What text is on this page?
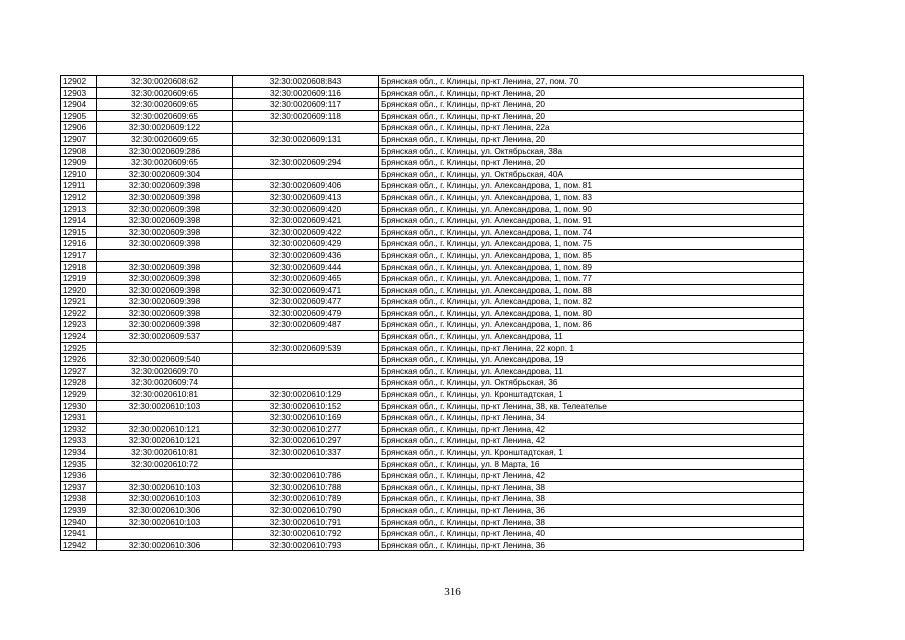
12902	32:30:0020608:62	32:30:0020608:843	Брянская обл., г. Клинцы, пр-кт Ленина, 27, пом. 70
12903	32:30:0020609:65	32:30:0020609:116	Брянская обл., г. Клинцы, пр-кт Ленина, 20
12904	32:30:0020609:65	32:30:0020609:117	Брянская обл., г. Клинцы, пр-кт Ленина, 20
12905	32:30:0020609:65	32:30:0020609:118	Брянская обл., г. Клинцы, пр-кт Ленина, 20
12906	32:30:0020609:122		Брянская обл., г. Клинцы, пр-кт Ленина, 22а
12907	32:30:0020609:65	32:30:0020609:131	Брянская обл., г. Клинцы, пр-кт Ленина, 20
12908	32:30:0020609:286		Брянская обл., г. Клинцы, ул. Октябрьская, 38а
12909	32:30:0020609:65	32:30:0020609:294	Брянская обл., г. Клинцы, пр-кт Ленина, 20
12910	32:30:0020609:304		Брянская обл., г. Клинцы, ул. Октябрьская, 40А
12911	32:30:0020609:398	32:30:0020609:406	Брянская обл., г. Клинцы, ул. Александрова, 1, пом. 81
12912	32:30:0020609:398	32:30:0020609:413	Брянская обл., г. Клинцы, ул. Александрова, 1, пом. 83
12913	32:30:0020609:398	32:30:0020609:420	Брянская обл., г. Клинцы, ул. Александрова, 1, пом. 90
12914	32:30:0020609:398	32:30:0020609:421	Брянская обл., г. Клинцы, ул. Александрова, 1, пом. 91
12915	32:30:0020609:398	32:30:0020609:422	Брянская обл., г. Клинцы, ул. Александрова, 1, пом. 74
12916	32:30:0020609:398	32:30:0020609:429	Брянская обл., г. Клинцы, ул. Александрова, 1, пом. 75
12917		32:30:0020609:436	Брянская обл., г. Клинцы, ул. Александрова, 1, пом. 85
12918	32:30:0020609:398	32:30:0020609:444	Брянская обл., г. Клинцы, ул. Александрова, 1, пом. 89
12919	32:30:0020609:398	32:30:0020609:465	Брянская обл., г. Клинцы, ул. Александрова, 1, пом. 77
12920	32:30:0020609:398	32:30:0020609:471	Брянская обл., г. Клинцы, ул. Александрова, 1, пом. 88
12921	32:30:0020609:398	32:30:0020609:477	Брянская обл., г. Клинцы, ул. Александрова, 1, пом. 82
12922	32:30:0020609:398	32:30:0020609:479	Брянская обл., г. Клинцы, ул. Александрова, 1, пом. 80
12923	32:30:0020609:398	32:30:0020609:487	Брянская обл., г. Клинцы, ул. Александрова, 1, пом. 86
12924	32:30:0020609:537		Брянская обл., г. Клинцы, ул. Александрова, 11
12925		32:30:0020609:539	Брянская обл., г. Клинцы, пр-кт Ленина, 22 корп. 1
12926	32:30:0020609:540		Брянская обл., г. Клинцы, ул. Александрова, 19
12927	32:30:0020609:70		Брянская обл., г. Клинцы, ул. Александрова, 11
12928	32:30:0020609:74		Брянская обл., г. Клинцы, ул. Октябрьская, 36
12929	32:30:0020610:81	32:30:0020610:129	Брянская обл., г. Клинцы, ул. Кронштадтская, 1
12930	32:30:0020610:103	32:30:0020610:152	Брянская обл., г. Клинцы, пр-кт Ленина, 38, кв. Телеателье
12931		32:30:0020610:169	Брянская обл., г. Клинцы, пр-кт Ленина, 34
12932	32:30:0020610:121	32:30:0020610:277	Брянская обл., г. Клинцы, пр-кт Ленина, 42
12933	32:30:0020610:121	32:30:0020610:297	Брянская обл., г. Клинцы, пр-кт Ленина, 42
12934	32:30:0020610:81	32:30:0020610:337	Брянская обл., г. Клинцы, ул. Кронштадтская, 1
12935	32:30:0020610:72		Брянская обл., г. Клинцы, ул. 8 Марта, 16
12936		32:30:0020610:786	Брянская обл., г. Клинцы, пр-кт Ленина, 42
12937	32:30:0020610:103	32:30:0020610:788	Брянская обл., г. Клинцы, пр-кт Ленина, 38
12938	32:30:0020610:103	32:30:0020610:789	Брянская обл., г. Клинцы, пр-кт Ленина, 38
12939	32:30:0020610:306	32:30:0020610:790	Брянская обл., г. Клинцы, пр-кт Ленина, 36
12940	32:30:0020610:103	32:30:0020610:791	Брянская обл., г. Клинцы, пр-кт Ленина, 38
12941		32:30:0020610:792	Брянская обл., г. Клинцы, пр-кт Ленина, 40
12942	32:30:0020610:306	32:30:0020610:793	Брянская обл., г. Клинцы, пр-кт Ленина, 36
316
